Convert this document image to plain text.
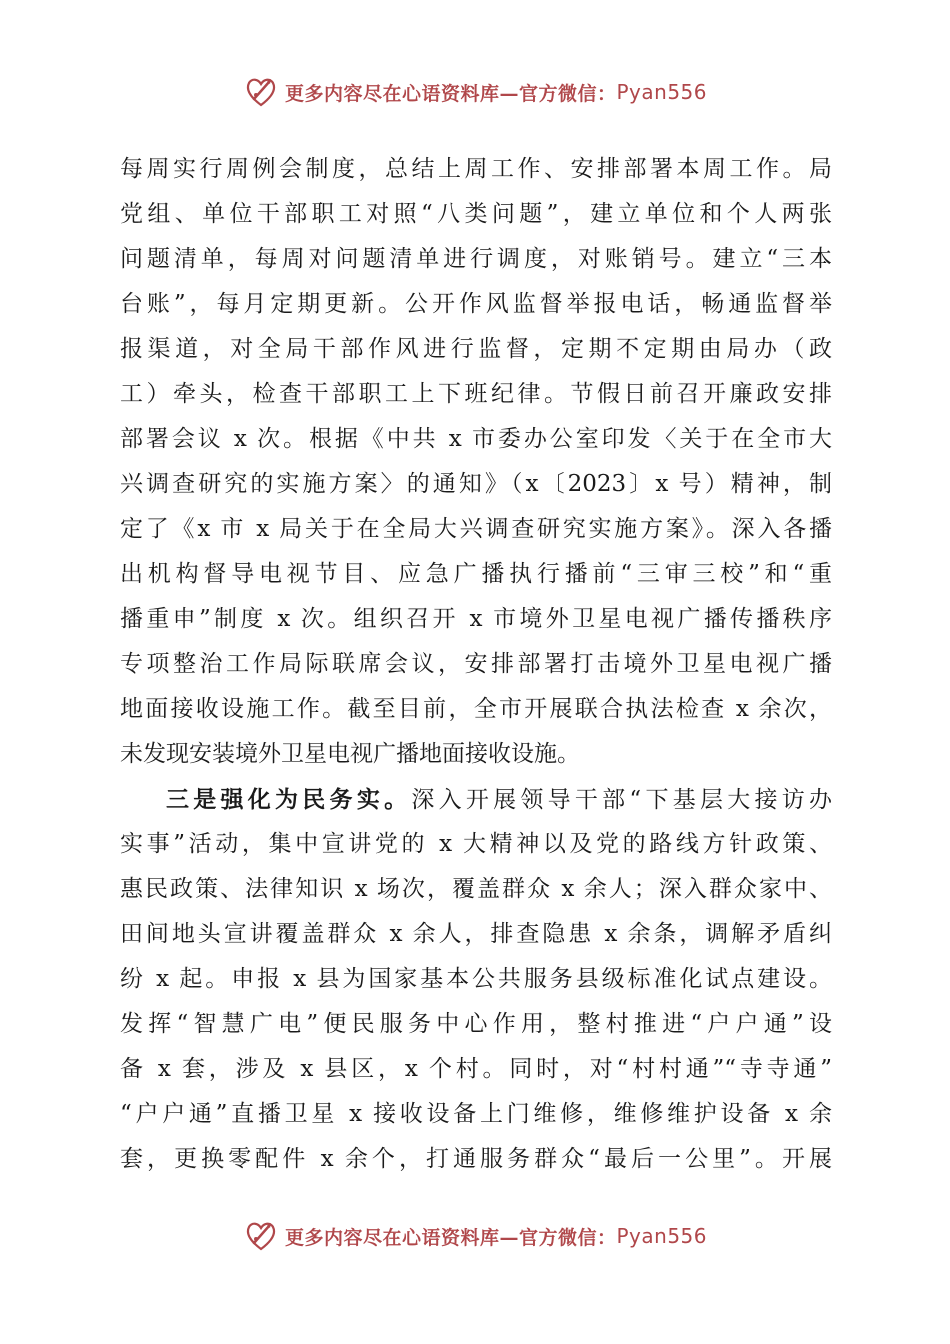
更多内容尽在心语资料库—官方微信： Pyan556
每周实行周例会制度，总结上周工作、安排部署本周工作。局
党组、单位干部职工对照“八类问题”，建立单位和个人两张
问题清单，每周对问题清单进行调度，对账销号。建立“三本
台账”，每月定期更新。公开作风监督举报电话，畅通监督举
报渠道，对全局干部作风进行监督，定期不定期由局办（政
工）牵头，检查干部职工上下班纪律。节假日前召开廉政安排
部署会议 x 次。根据《中共 x 市委办公室印发〈关于在全市大
兴调查研究的实施方案〉的通知》（x〔2023〕x 号）精神，制
定了《x 市 x 局关于在全局大兴调查研究实施方案》。深入各播
出机构督导电视节目、应急广播执行播前“三审三校”和“重
播重申”制度 x 次。组织召开 x 市境外卫星电视广播传播秩序
专项整治工作局际联席会议，安排部署打击境外卫星电视广播
地面接收设施工作。截至目前，全市开展联合执法检查 x 余次，
未发现安装境外卫星电视广播地面接收设施。
三是强化为民务实。深入开展领导干部“下基层大接访办
实事”活动，集中宣讲党的 x 大精神以及党的路线方针政策、
惠民政策、法律知识 x 场次，覆盖群众 x 余人；深入群众家中、
田间地头宣讲覆盖群众 x 余人，排查隐患 x 余条，调解矛盾纠
纷 x 起。申报 x 县为国家基本公共服务县级标准化试点建设。
发挥“智慧广电”便民服务中心作用，整村推进“户户通”设
备 x 套，涉及 x 县区，x 个村。同时，对“村村通”“寺寺通”
“户户通”直播卫星 x 接收设备上门维修，维修维护设备 x 余
套，更换零配件 x 余个，打通服务群众“最后一公里”。开展
更多内容尽在心语资料库—官方微信： Pyan556
